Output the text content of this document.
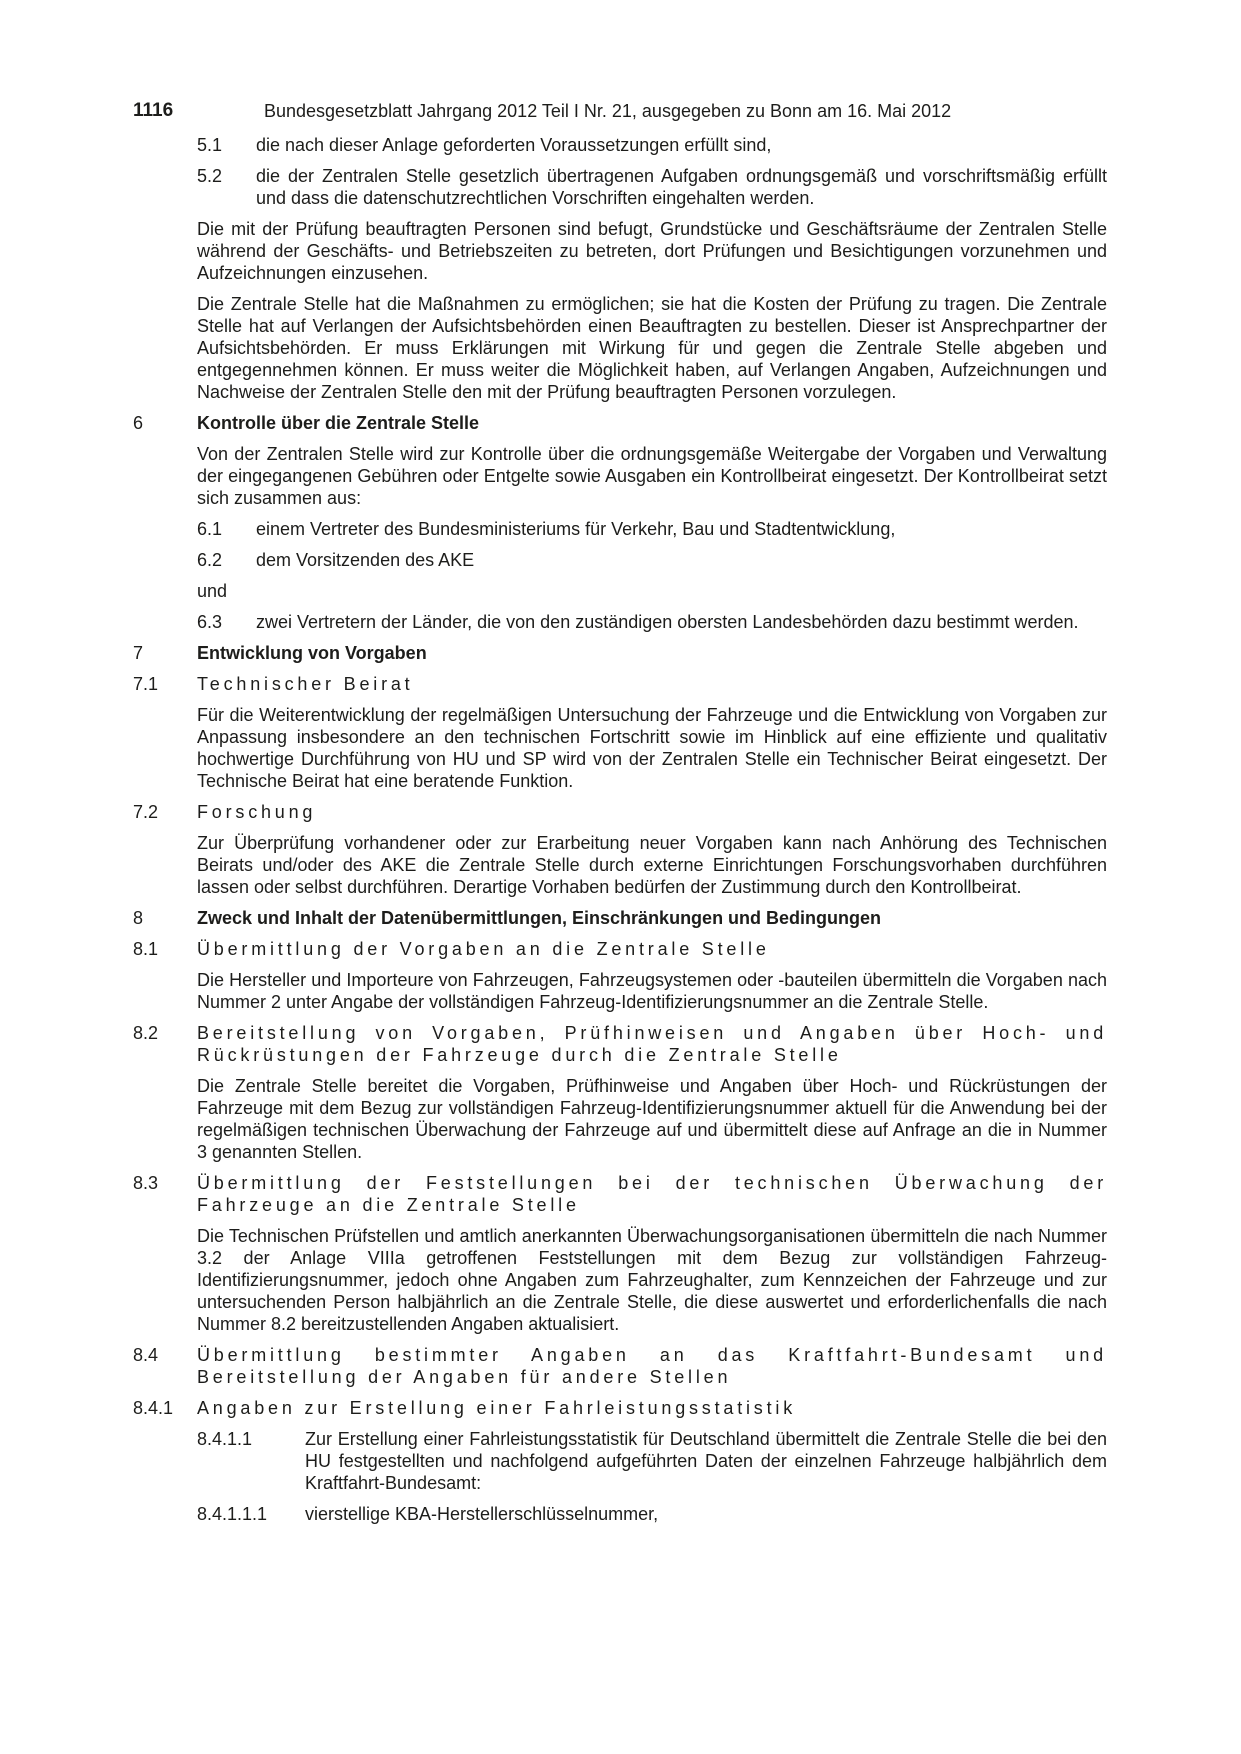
1116	Bundesgesetzblatt Jahrgang 2012 Teil I Nr. 21, ausgegeben zu Bonn am 16. Mai 2012
5.1 die nach dieser Anlage geforderten Voraussetzungen erfüllt sind,
5.2 die der Zentralen Stelle gesetzlich übertragenen Aufgaben ordnungsgemäß und vorschriftsmäßig erfüllt und dass die datenschutzrechtlichen Vorschriften eingehalten werden.
Die mit der Prüfung beauftragten Personen sind befugt, Grundstücke und Geschäftsräume der Zentralen Stelle während der Geschäfts- und Betriebszeiten zu betreten, dort Prüfungen und Besichtigungen vorzunehmen und Aufzeichnungen einzusehen.
Die Zentrale Stelle hat die Maßnahmen zu ermöglichen; sie hat die Kosten der Prüfung zu tragen. Die Zentrale Stelle hat auf Verlangen der Aufsichtsbehörden einen Beauftragten zu bestellen. Dieser ist Ansprechpartner der Aufsichtsbehörden. Er muss Erklärungen mit Wirkung für und gegen die Zentrale Stelle abgeben und entgegennehmen können. Er muss weiter die Möglichkeit haben, auf Verlangen Angaben, Aufzeichnungen und Nachweise der Zentralen Stelle den mit der Prüfung beauftragten Personen vorzulegen.
6	Kontrolle über die Zentrale Stelle
Von der Zentralen Stelle wird zur Kontrolle über die ordnungsgemäße Weitergabe der Vorgaben und Verwaltung der eingegangenen Gebühren oder Entgelte sowie Ausgaben ein Kontrollbeirat eingesetzt. Der Kontrollbeirat setzt sich zusammen aus:
6.1 einem Vertreter des Bundesministeriums für Verkehr, Bau und Stadtentwicklung,
6.2 dem Vorsitzenden des AKE
und
6.3 zwei Vertretern der Länder, die von den zuständigen obersten Landesbehörden dazu bestimmt werden.
7	Entwicklung von Vorgaben
7.1 Technischer Beirat
Für die Weiterentwicklung der regelmäßigen Untersuchung der Fahrzeuge und die Entwicklung von Vorgaben zur Anpassung insbesondere an den technischen Fortschritt sowie im Hinblick auf eine effiziente und qualitativ hochwertige Durchführung von HU und SP wird von der Zentralen Stelle ein Technischer Beirat eingesetzt. Der Technische Beirat hat eine beratende Funktion.
7.2 Forschung
Zur Überprüfung vorhandener oder zur Erarbeitung neuer Vorgaben kann nach Anhörung des Technischen Beirats und/oder des AKE die Zentrale Stelle durch externe Einrichtungen Forschungsvorhaben durchführen lassen oder selbst durchführen. Derartige Vorhaben bedürfen der Zustimmung durch den Kontrollbeirat.
8	Zweck und Inhalt der Datenübermittlungen, Einschränkungen und Bedingungen
8.1 Übermittlung der Vorgaben an die Zentrale Stelle
Die Hersteller und Importeure von Fahrzeugen, Fahrzeugsystemen oder -bauteilen übermitteln die Vorgaben nach Nummer 2 unter Angabe der vollständigen Fahrzeug-Identifizierungsnummer an die Zentrale Stelle.
8.2 Bereitstellung von Vorgaben, Prüfhinweisen und Angaben über Hoch- und Rückrüstungen der Fahrzeuge durch die Zentrale Stelle
Die Zentrale Stelle bereitet die Vorgaben, Prüfhinweise und Angaben über Hoch- und Rückrüstungen der Fahrzeuge mit dem Bezug zur vollständigen Fahrzeug-Identifizierungsnummer aktuell für die Anwendung bei der regelmäßigen technischen Überwachung der Fahrzeuge auf und übermittelt diese auf Anfrage an die in Nummer 3 genannten Stellen.
8.3 Übermittlung der Feststellungen bei der technischen Überwachung der Fahrzeuge an die Zentrale Stelle
Die Technischen Prüfstellen und amtlich anerkannten Überwachungsorganisationen übermitteln die nach Nummer 3.2 der Anlage VIIIa getroffenen Feststellungen mit dem Bezug zur vollständigen Fahrzeug-Identifizierungsnummer, jedoch ohne Angaben zum Fahrzeughalter, zum Kennzeichen der Fahrzeuge und zur untersuchenden Person halbjährlich an die Zentrale Stelle, die diese auswertet und erforderlichenfalls die nach Nummer 8.2 bereitzustellenden Angaben aktualisiert.
8.4 Übermittlung bestimmter Angaben an das Kraftfahrt-Bundesamt und Bereitstellung der Angaben für andere Stellen
8.4.1 Angaben zur Erstellung einer Fahrleistungsstatistik
8.4.1.1	Zur Erstellung einer Fahrleistungsstatistik für Deutschland übermittelt die Zentrale Stelle die bei den HU festgestellten und nachfolgend aufgeführten Daten der einzelnen Fahrzeuge halbjährlich dem Kraftfahrt-Bundesamt:
8.4.1.1.1 vierstellige KBA-Herstellerschlüsselnummer,
